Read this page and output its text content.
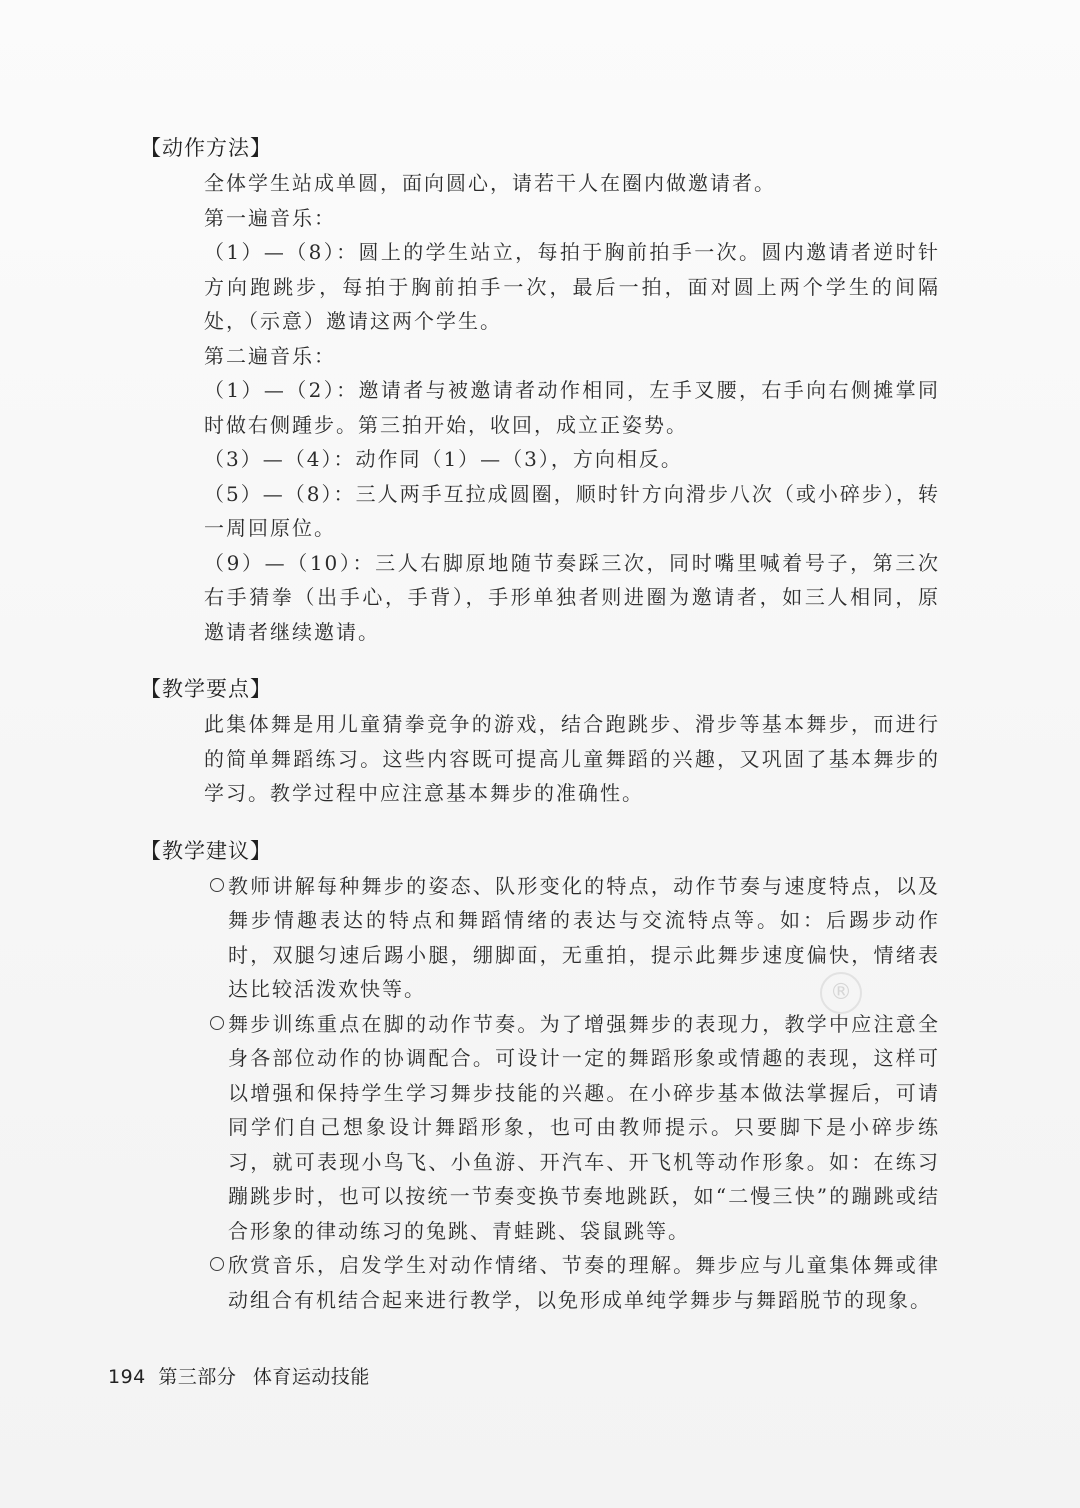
【动作方法】

全体学生站成单圆，面向圆心，请若干人在圈内做邀请者。

第一遍音乐：

（1）—（8）：圆上的学生站立，每拍于胸前拍手一次。圆内邀请者逆时针方向跑跳步，每拍于胸前拍手一次，最后一拍，面对圆上两个学生的间隔处，（示意）邀请这两个学生。

第二遍音乐：

（1）—（2）：邀请者与被邀请者动作相同，左手叉腰，右手向右侧摊掌同时做右侧踵步。第三拍开始，收回，成立正姿势。

（3）—（4）：动作同（1）—（3），方向相反。

（5）—（8）：三人两手互拉成圆圈，顺时针方向滑步八次（或小碎步），转一周回原位。

（9）—（10）：三人右脚原地随节奏踩三次，同时嘴里喊着号子，第三次右手猜拳（出手心，手背），手形单独者则进圈为邀请者，如三人相同，原邀请者继续邀请。

【教学要点】

此集体舞是用儿童猜拳竞争的游戏，结合跑跳步、滑步等基本舞步，而进行的简单舞蹈练习。这些内容既可提高儿童舞蹈的兴趣，又巩固了基本舞步的学习。教学过程中应注意基本舞步的准确性。

【教学建议】

教师讲解每种舞步的姿态、队形变化的特点，动作节奏与速度特点，以及舞步情趣表达的特点和舞蹈情绪的表达与交流特点等。如：后踢步动作时，双腿匀速后踢小腿，绷脚面，无重拍，提示此舞步速度偏快，情绪表达比较活泼欢快等。
舞步训练重点在脚的动作节奏。为了增强舞步的表现力，教学中应注意全身各部位动作的协调配合。可设计一定的舞蹈形象或情趣的表现，这样可以增强和保持学生学习舞步技能的兴趣。在小碎步基本做法掌握后，可请同学们自己想象设计舞蹈形象，也可由教师提示。只要脚下是小碎步练习，就可表现小鸟飞、小鱼游、开汽车、开飞机等动作形象。如：在练习蹦跳步时，也可以按统一节奏变换节奏地跳跃，如“二慢三快”的蹦跳或结合形象的律动练习的兔跳、青蛙跳、袋鼠跳等。
欣赏音乐，启发学生对动作情绪、节奏的理解。舞步应与儿童集体舞或律动组合有机结合起来进行教学，以免形成单纯学舞步与舞蹈脱节的现象。
®
194 第三部分 体育运动技能
